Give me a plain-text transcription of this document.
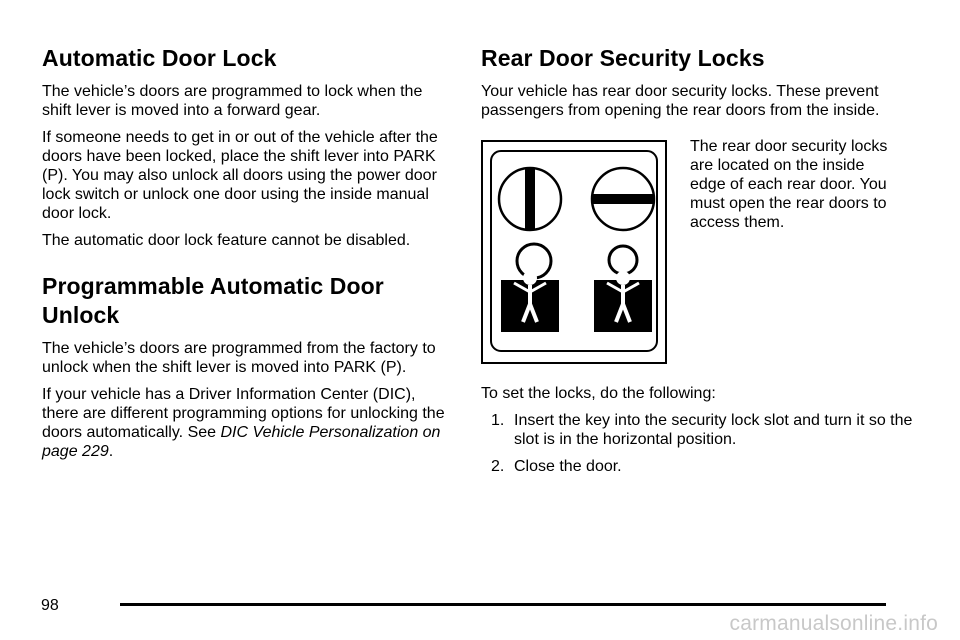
Automatic Door Lock

The vehicle’s doors are programmed to lock when the shift lever is moved into a forward gear.

If someone needs to get in or out of the vehicle after the doors have been locked, place the shift lever into PARK (P). You may also unlock all doors using the power door lock switch or unlock one door using the inside manual door lock.

The automatic door lock feature cannot be disabled.

Programmable Automatic Door
Unlock

The vehicle’s doors are programmed from the factory to unlock when the shift lever is moved into PARK (P).

If your vehicle has a Driver Information Center (DIC), there are different programming options for unlocking the doors automatically. See DIC Vehicle Personalization on page 229.

Rear Door Security Locks

Your vehicle has rear door security locks. These prevent passengers from opening the rear doors from the inside.

The rear door security locks are located on the inside edge of each rear door. You must open the rear doors to access them.

To set the locks, do the following:

1. Insert the key into the security lock slot and turn it so the slot is in the horizontal position.
2. Close the door.
98
carmanualsonline.info
